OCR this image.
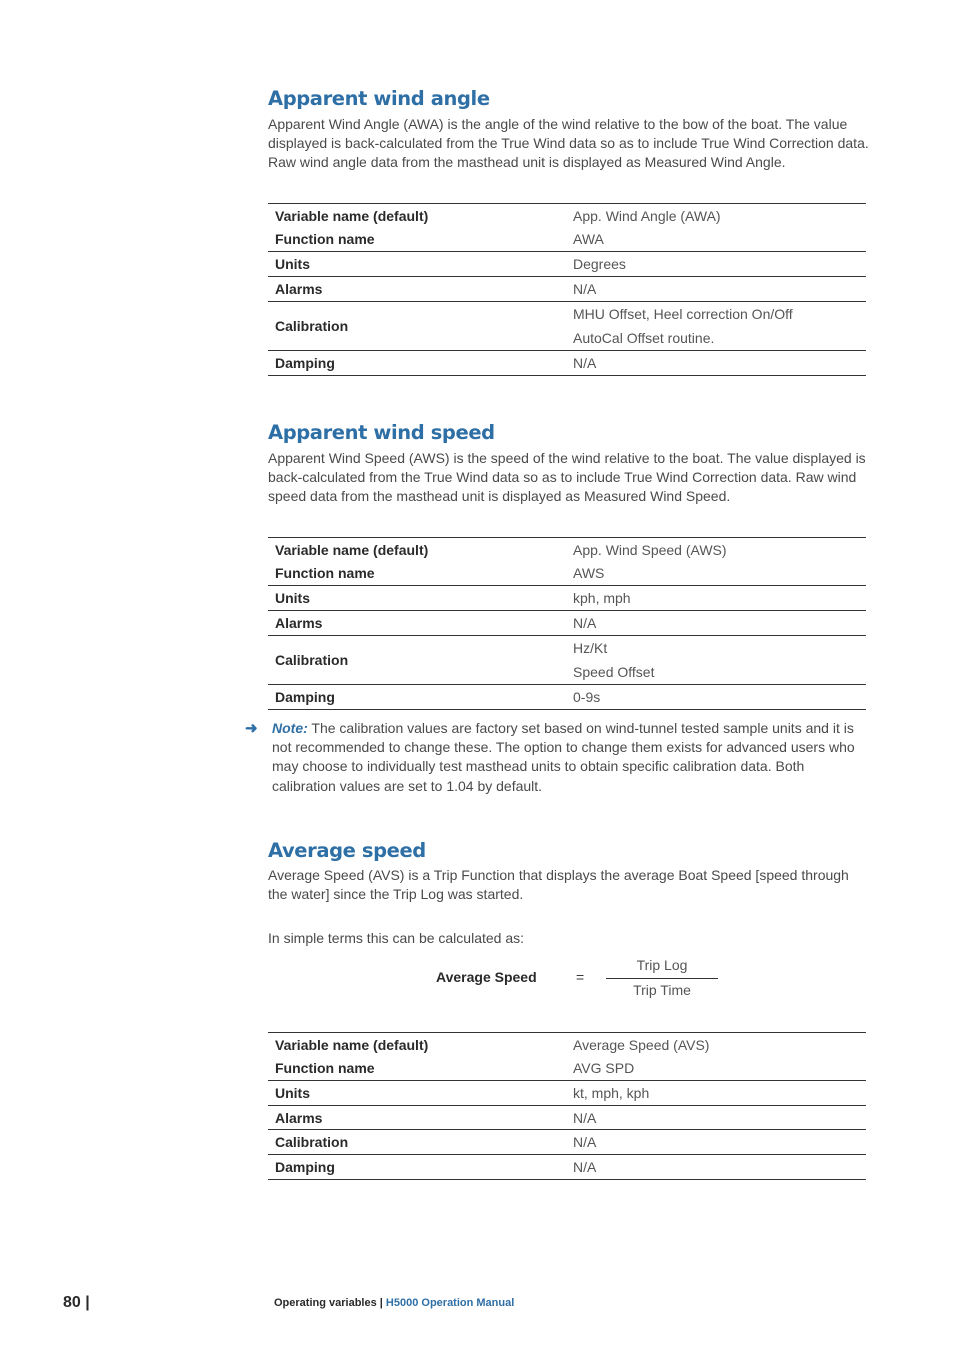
Apparent wind angle
Apparent Wind Angle (AWA) is the angle of the wind relative to the bow of the boat. The value displayed is back-calculated from the True Wind data so as to include True Wind Correction data. Raw wind angle data from the masthead unit is displayed as Measured Wind Angle.
Variable name (default)	App. Wind Angle (AWA)
Function name	AWA
Units	Degrees
Alarms	N/A
Calibration	MHU Offset, Heel correction On/Off
AutoCal Offset routine.

Damping	N/A
Apparent wind speed
Apparent Wind Speed (AWS) is the speed of the wind relative to the boat. The value displayed is back-calculated from the True Wind data so as to include True Wind Correction data. Raw wind speed data from the masthead unit is displayed as Measured Wind Speed.
Variable name (default)	App. Wind Speed (AWS)
Function name	AWS
Units	kph, mph
Alarms	N/A
Calibration	Hz/Kt
Speed Offset

Damping	0-9s
➜ Note: The calibration values are factory set based on wind-tunnel tested sample units and it is not recommended to change these. The option to change them exists for advanced users who may choose to individually test masthead units to obtain specific calibration data. Both calibration values are set to 1.04 by default.
Average speed
Average Speed (AVS) is a Trip Function that displays the average Boat Speed [speed through the water] since the Trip Log was started.
In simple terms this can be calculated as:
Average Speed	=
Trip Log
Trip Time
Variable name (default)	Average Speed (AVS)
Function name	AVG SPD
Units	kt, mph, kph
Alarms	N/A
Calibration	N/A
Damping	N/A
80 |	Operating variables | H5000 Operation Manual
